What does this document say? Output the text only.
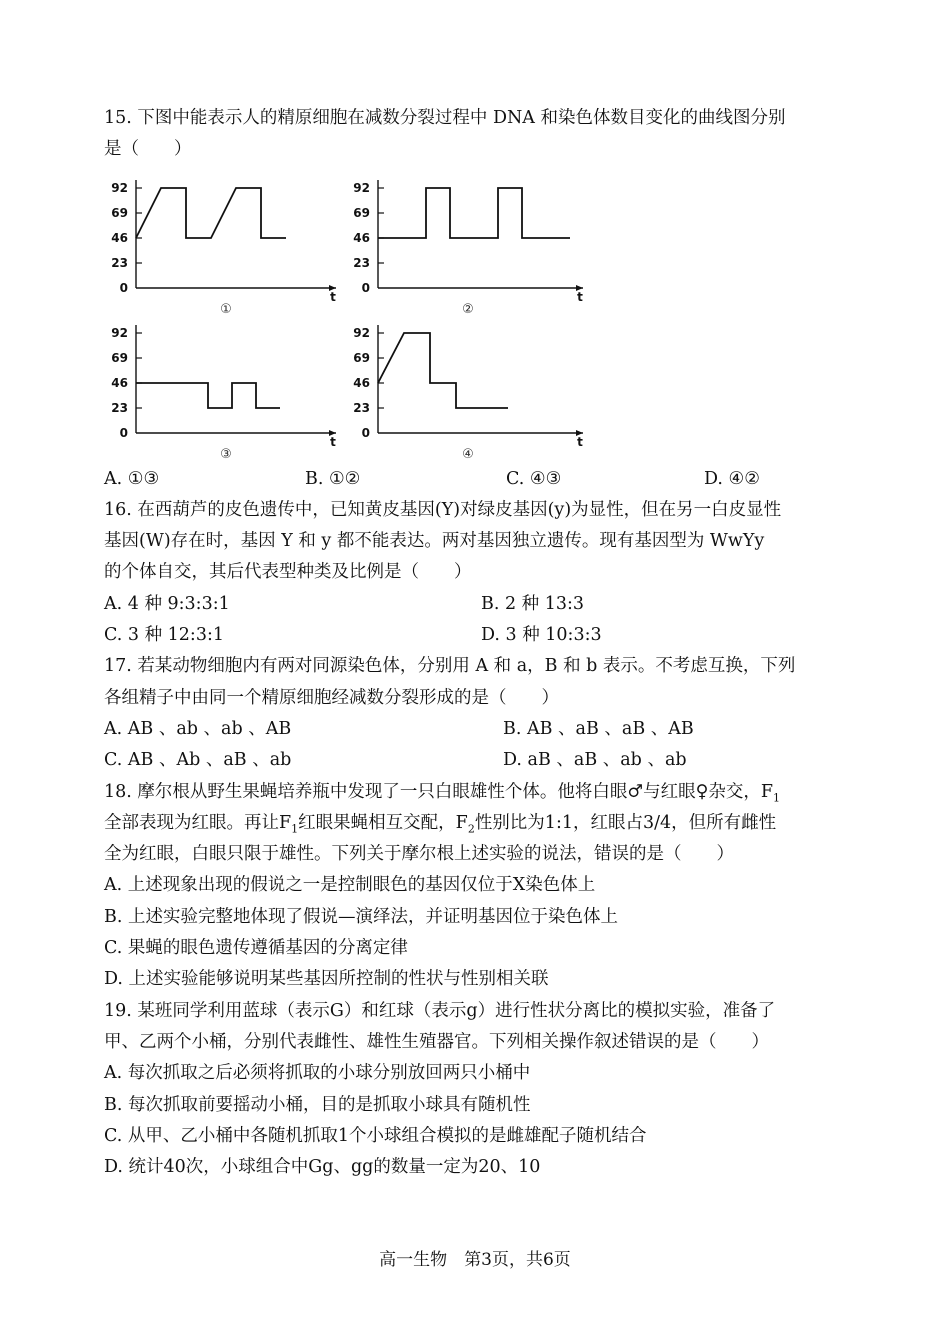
15. 下图中能表示人的精原细胞在减数分裂过程中 DNA 和染色体数目变化的曲线图分别
是（　　）
92
69
46
23
0
t
①
92
69
46
23
0
t
②
92
69
46
23
0
t
③
92
69
46
23
0
t
④
A. ①③	B. ①②	C. ④③	D. ④②
16. 在西葫芦的皮色遗传中，已知黄皮基因(Y)对绿皮基因(y)为显性，但在另一白皮显性
基因(W)存在时，基因 Y 和 y 都不能表达。两对基因独立遗传。现有基因型为 WwYy
的个体自交，其后代表型种类及比例是（　　）
A. 4 种 9:3:3:1	B. 2 种 13:3
C. 3 种 12:3:1	D. 3 种 10:3:3
17. 若某动物细胞内有两对同源染色体，分别用 A 和 a，B 和 b 表示。不考虑互换，下列
各组精子中由同一个精原细胞经减数分裂形成的是（　　）
A. AB 、ab 、ab 、AB	B. AB 、aB 、aB 、AB
C. AB 、Ab 、aB 、ab	D. aB 、aB 、ab 、ab
18. 摩尔根从野生果蝇培养瓶中发现了一只白眼雄性个体。他将白眼♂与红眼♀杂交，$F_1$
全部表现为红眼。再让$F_1$红眼果蝇相互交配，$F_2$性别比为1:1，红眼占3/4，但所有雌性
全为红眼，白眼只限于雄性。下列关于摩尔根上述实验的说法，错误的是（　　）
A. 上述现象出现的假说之一是控制眼色的基因仅位于X染色体上
B. 上述实验完整地体现了假说—演绎法，并证明基因位于染色体上
C. 果蝇的眼色遗传遵循基因的分离定律
D. 上述实验能够说明某些基因所控制的性状与性别相关联
19. 某班同学利用蓝球（表示G）和红球（表示g）进行性状分离比的模拟实验，准备了
甲、乙两个小桶，分别代表雌性、雄性生殖器官。下列相关操作叙述错误的是（　　）
A. 每次抓取之后必须将抓取的小球分别放回两只小桶中
B. 每次抓取前要摇动小桶，目的是抓取小球具有随机性
C. 从甲、乙小桶中各随机抓取1个小球组合模拟的是雌雄配子随机结合
D. 统计40次，小球组合中Gg、gg的数量一定为20、10
高一生物　第3页，共6页
